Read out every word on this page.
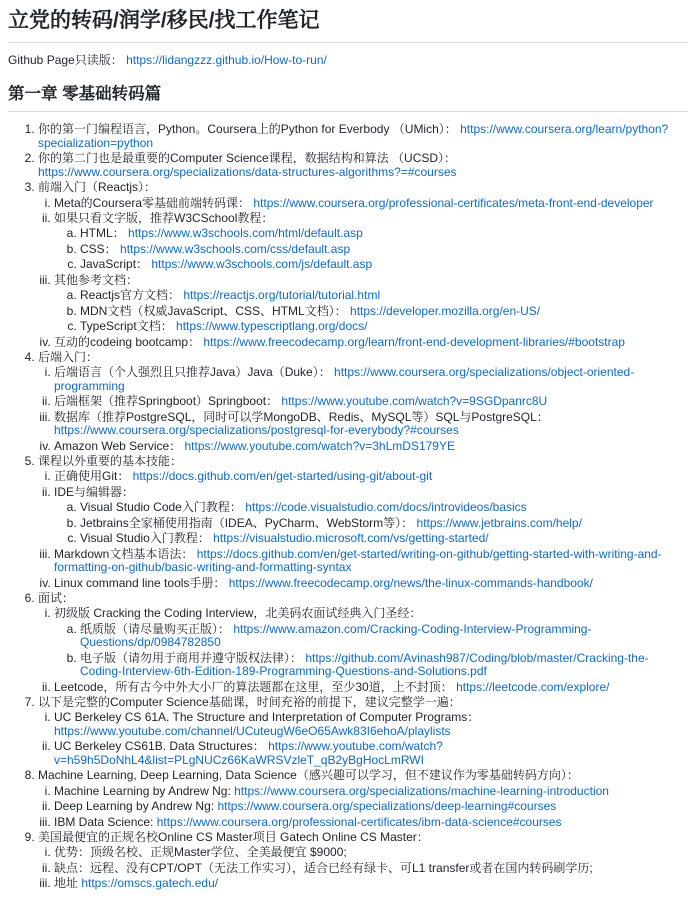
立党的转码/润学/移民/找工作笔记

Github Page只读版： https://lidangzzz.github.io/How-to-run/

第一章 零基础转码篇
1. 你的第一门编程语言，Python。Coursera上的Python for Everbody （UMich）： https://www.coursera.org/learn/python?specialization=python
2. 你的第二门也是最重要的Computer Science课程，数据结构和算法 （UCSD）： https://www.coursera.org/specializations/data-structures-algorithms?=#courses
3. 前端入门（Reactjs）：
i. Meta的Coursera零基础前端转码课： https://www.coursera.org/professional-certificates/meta-front-end-developer
ii. 如果只看文字版，推荐W3CSchool教程：
a. HTML： https://www.w3schools.com/html/default.asp
b. CSS： https://www.w3schools.com/css/default.asp
c. JavaScript： https://www.w3schools.com/js/default.asp
iii. 其他参考文档：
a. Reactjs官方文档： https://reactjs.org/tutorial/tutorial.html
b. MDN文档（权威JavaScript、CSS、HTML文档）： https://developer.mozilla.org/en-US/
c. TypeScript文档： https://www.typescriptlang.org/docs/
iv. 互动的codeing bootcamp： https://www.freecodecamp.org/learn/front-end-development-libraries/#bootstrap
4. 后端入门：
i. 后端语言（个人强烈且只推荐Java）Java（Duke）： https://www.coursera.org/specializations/object-oriented-programming
ii. 后端框架（推荐Springboot）Springboot： https://www.youtube.com/watch?v=9SGDpanrc8U
iii. 数据库（推荐PostgreSQL，同时可以学MongoDB、Redis、MySQL等）SQL与PostgreSQL： https://www.coursera.org/specializations/postgresql-for-everybody?#courses
iv. Amazon Web Service： https://www.youtube.com/watch?v=3hLmDS179YE
5. 课程以外重要的基本技能：
i. 正确使用Git： https://docs.github.com/en/get-started/using-git/about-git
ii. IDE与编辑器：
a. Visual Studio Code入门教程： https://code.visualstudio.com/docs/introvideos/basics
b. Jetbrains全家桶使用指南（IDEA、PyCharm、WebStorm等）： https://www.jetbrains.com/help/
c. Visual Studio入门教程： https://visualstudio.microsoft.com/vs/getting-started/
iii. Markdown文档基本语法： https://docs.github.com/en/get-started/writing-on-github/getting-started-with-writing-and-formatting-on-github/basic-writing-and-formatting-syntax
iv. Linux command line tools手册： https://www.freecodecamp.org/news/the-linux-commands-handbook/
6. 面试：
i. 初级版 Cracking the Coding Interview，北美码农面试经典入门圣经：
a. 纸质版（请尽量购买正版）： https://www.amazon.com/Cracking-Coding-Interview-Programming-Questions/dp/0984782850
b. 电子版（请勿用于商用并遵守版权法律）： https://github.com/Avinash987/Coding/blob/master/Cracking-the-Coding-Interview-6th-Edition-189-Programming-Questions-and-Solutions.pdf
ii. Leetcode，所有古今中外大小厂的算法题都在这里，至少30道，上不封顶： https://leetcode.com/explore/
7. 以下是完整的Computer Science基础课，时间充裕的前提下，建议完整学一遍：
i. UC Berkeley CS 61A. The Structure and Interpretation of Computer Programs： https://www.youtube.com/channel/UCuteugW6eO65Awk83I6ehoA/playlists
ii. UC Berkeley CS61B. Data Structures： https://www.youtube.com/watch?v=h59h5DoNhL4&list=PLgNUCz66KaWRSVzleT_qB2yBgHocLmRWI
8. Machine Learning, Deep Learning, Data Science（感兴趣可以学习，但不建议作为零基础转码方向）：
i. Machine Learning by Andrew Ng: https://www.coursera.org/specializations/machine-learning-introduction
ii. Deep Learning by Andrew Ng: https://www.coursera.org/specializations/deep-learning#courses
iii. IBM Data Science: https://www.coursera.org/professional-certificates/ibm-data-science#courses
9. 美国最便宜的正规名校Online CS Master项目 Gatech Online CS Master：
i. 优势：顶级名校、正规Master学位、全美最便宜 $9000;
ii. 缺点：远程、没有CPT/OPT（无法工作实习），适合已经有绿卡、可L1 transfer或者在国内转码刷学历;
iii. 地址 https://omscs.gatech.edu/
